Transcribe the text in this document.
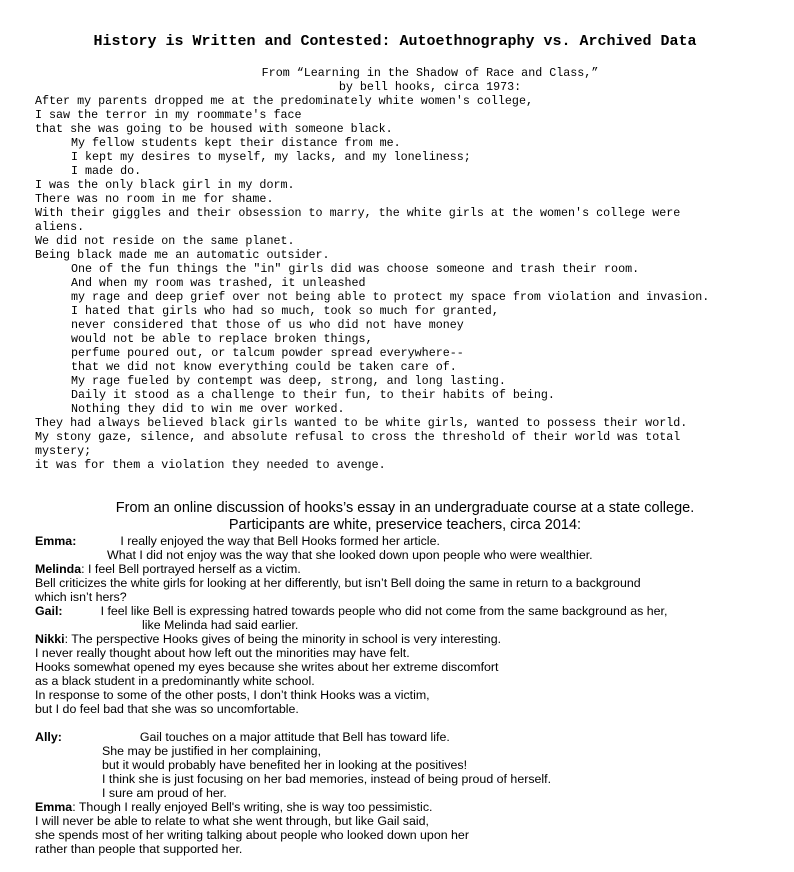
History is Written and Contested: Autoethnography vs. Archived Data
From “Learning in the Shadow of Race and Class,”
by bell hooks, circa 1973:
After my parents dropped me at the predominately white women's college,
I saw the terror in my roommate's face
that she was going to be housed with someone black.
My fellow students kept their distance from me.
I kept my desires to myself, my lacks, and my loneliness;
I made do.
I was the only black girl in my dorm.
There was no room in me for shame.
With their giggles and their obsession to marry, the white girls at the women's college were
aliens.
We did not reside on the same planet.
Being black made me an automatic outsider.
One of the fun things the "in" girls did was choose someone and trash their room.
And when my room was trashed, it unleashed
my rage and deep grief over not being able to protect my space from violation and invasion.
I hated that girls who had so much, took so much for granted,
never considered that those of us who did not have money
would not be able to replace broken things,
perfume poured out, or talcum powder spread everywhere--
that we did not know everything could be taken care of.
My rage fueled by contempt was deep, strong, and long lasting.
Daily it stood as a challenge to their fun, to their habits of being.
Nothing they did to win me over worked.
They had always believed black girls wanted to be white girls, wanted to possess their world.
My stony gaze, silence, and absolute refusal to cross the threshold of their world was total
mystery;
it was for them a violation they needed to avenge.
From an online discussion of hooks’s essay in an undergraduate course at a state college.
Participants are white, preservice teachers, circa 2014:
Emma:	I really enjoyed the way that Bell Hooks formed her article.
What I did not enjoy was the way that she looked down upon people who were wealthier.
Melinda: I feel Bell portrayed herself as a victim.
Bell criticizes the white girls for looking at her differently, but isn’t Bell doing the same in return to a background
which isn’t hers?
Gail:	I feel like Bell is expressing hatred towards people who did not come from the same background as her,
like Melinda had said earlier.
Nikki: The perspective Hooks gives of being the minority in school is very interesting.
I never really thought about how left out the minorities may have felt.
Hooks somewhat opened my eyes because she writes about her extreme discomfort
as a black student in a predominantly white school.
In response to some of the other posts, I don’t think Hooks was a victim,
but I do feel bad that she was so uncomfortable.
Ally:	Gail touches on a major attitude that Bell has toward life.
She may be justified in her complaining,
but it would probably have benefited her in looking at the positives!
I think she is just focusing on her bad memories, instead of being proud of herself.
I sure am proud of her.
Emma: Though I really enjoyed Bell's writing, she is way too pessimistic.
I will never be able to relate to what she went through, but like Gail said,
she spends most of her writing talking about people who looked down upon her
rather than people that supported her.
